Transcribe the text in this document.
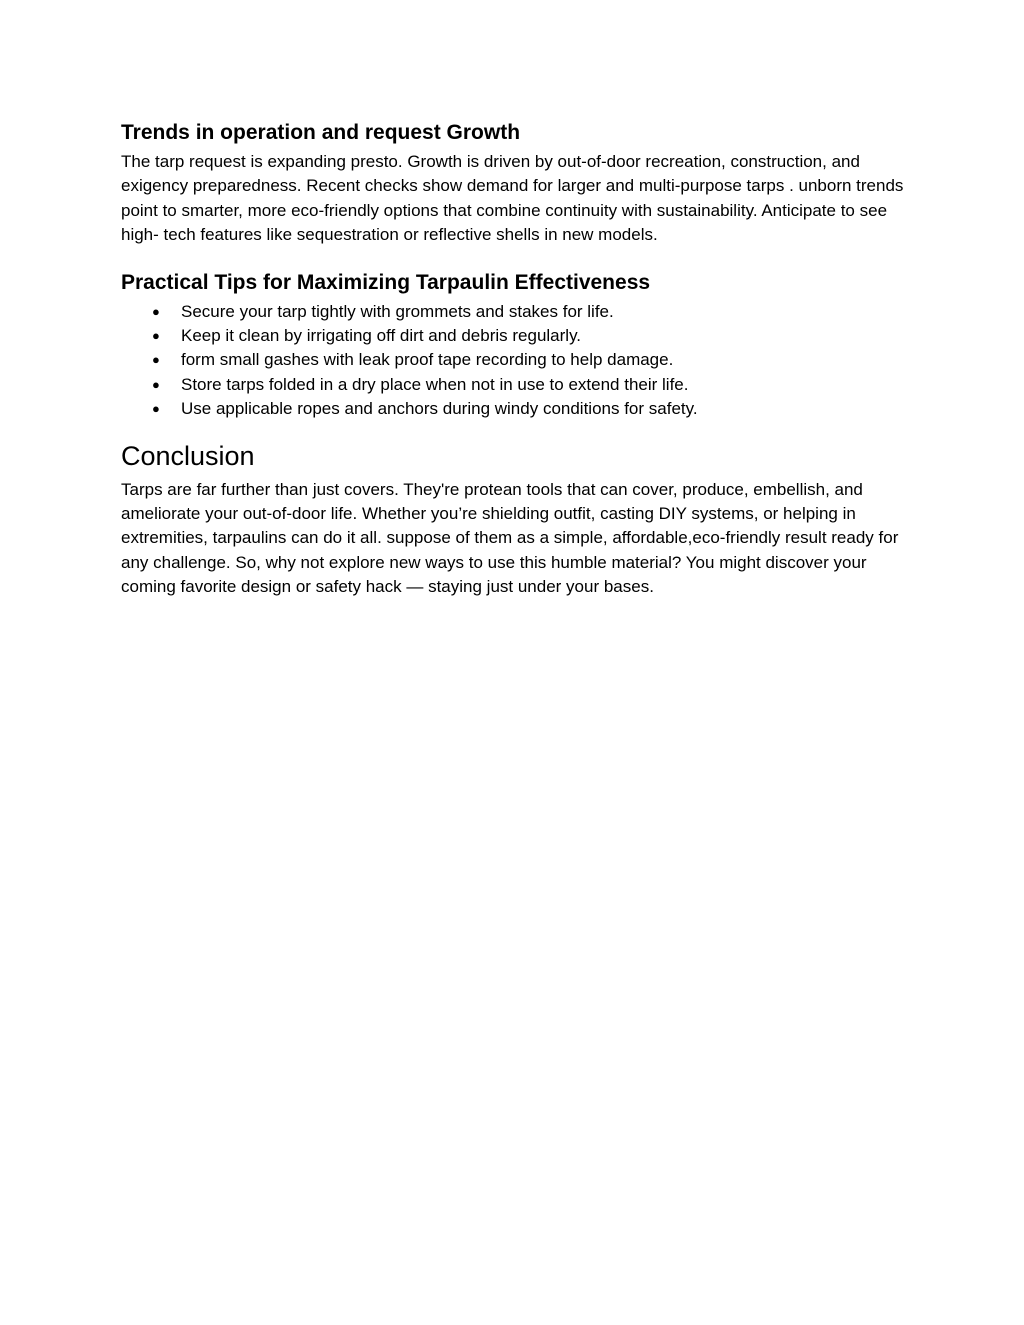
Trends in operation and request Growth

The tarp request is expanding presto. Growth is driven by out-of-door recreation, construction, and exigency preparedness. Recent checks show demand for larger and multi-purpose tarps . unborn trends point to smarter, more eco-friendly options that combine continuity with sustainability. Anticipate to see high- tech features like sequestration or reflective shells in new models.

Practical Tips for Maximizing Tarpaulin Effectiveness
● Secure your tarp tightly with grommets and stakes for life.
● Keep it clean by irrigating off dirt and debris regularly.
● form small gashes with leak proof tape recording to help damage.
● Store tarps folded in a dry place when not in use to extend their life.
● Use applicable ropes and anchors during windy conditions for safety.
Conclusion

Tarps are far further than just covers. They're protean tools that can cover, produce, embellish, and ameliorate your out-of-door life. Whether you’re shielding outfit, casting DIY systems, or helping in extremities, tarpaulins can do it all. suppose of them as a simple, affordable,eco-friendly result ready for any challenge. So, why not explore new ways to use this humble material? You might discover your coming favorite design or safety hack — staying just under your bases.
